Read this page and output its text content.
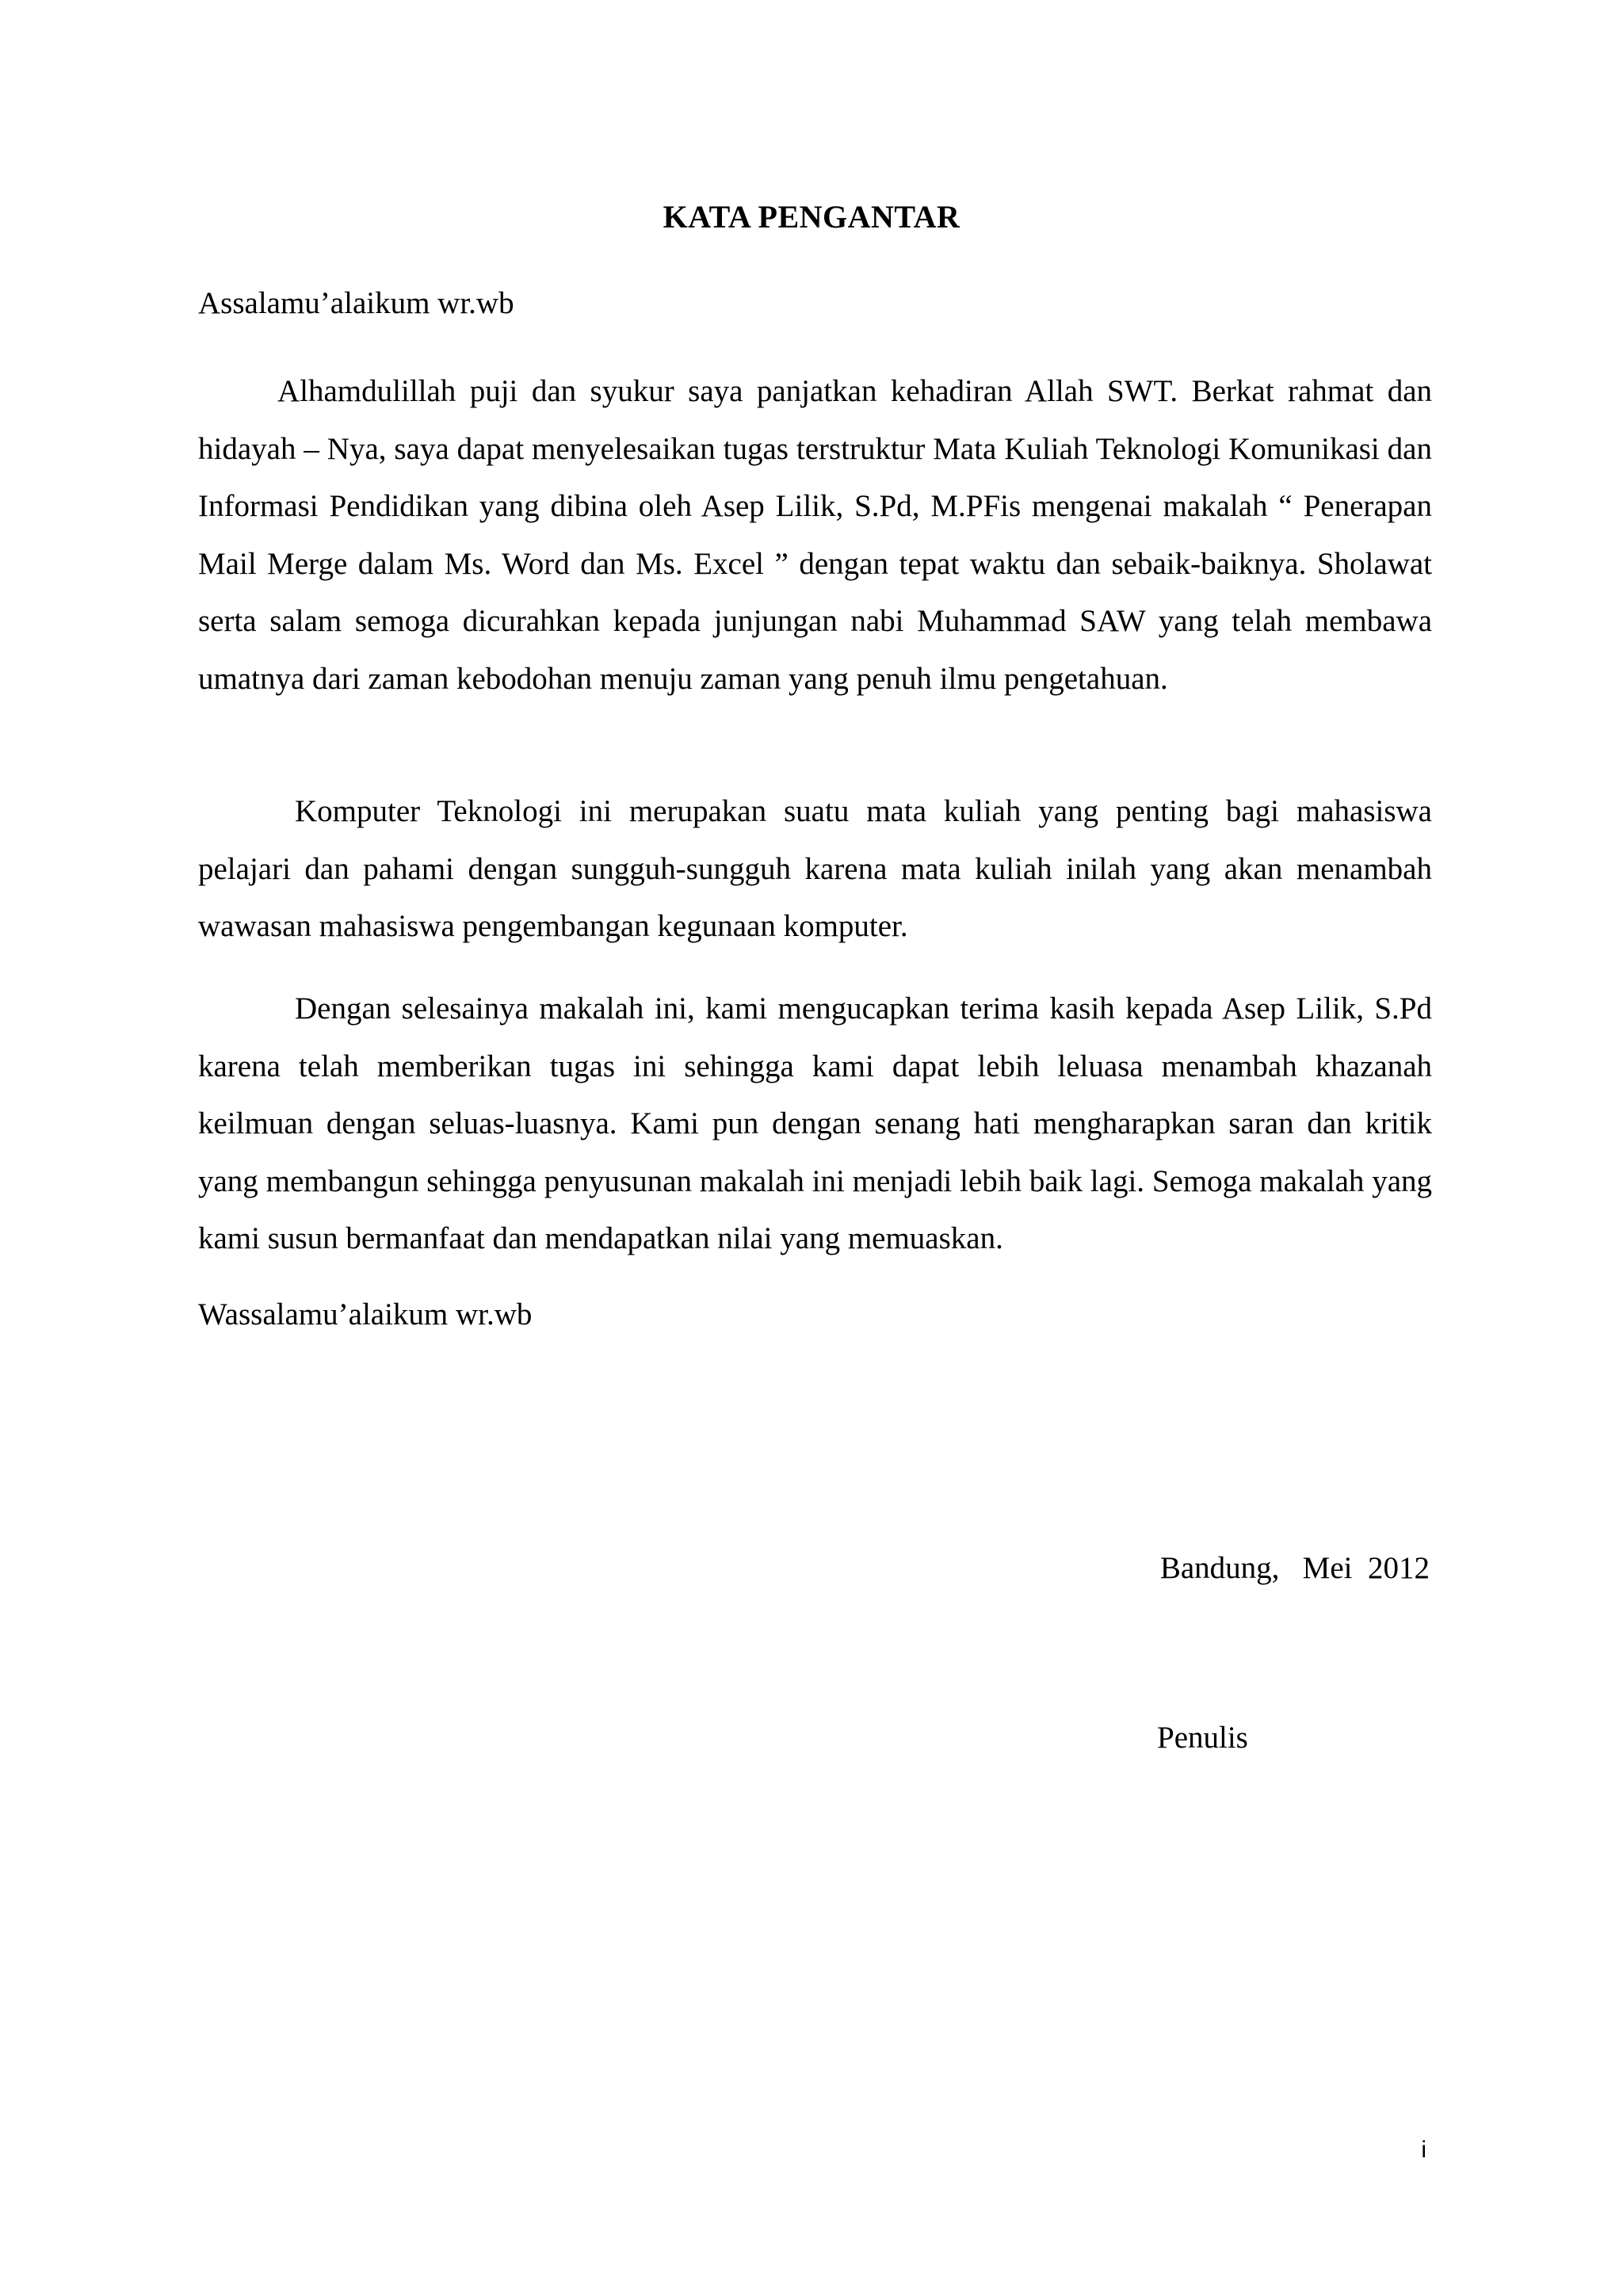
KATA PENGANTAR
Assalamu’alaikum wr.wb

Alhamdulillah puji dan syukur saya panjatkan kehadiran Allah SWT. Berkat rahmat dan hidayah – Nya, saya dapat menyelesaikan tugas terstruktur Mata Kuliah Teknologi Komunikasi dan Informasi Pendidikan yang dibina oleh Asep Lilik, S.Pd, M.PFis mengenai makalah “ Penerapan Mail Merge dalam Ms. Word dan Ms. Excel ” dengan tepat waktu dan sebaik-baiknya. Sholawat serta salam semoga dicurahkan kepada junjungan nabi Muhammad SAW yang telah membawa umatnya dari zaman kebodohan menuju zaman yang penuh ilmu pengetahuan.

Komputer Teknologi ini merupakan suatu mata kuliah yang penting bagi mahasiswa pelajari dan pahami dengan sungguh-sungguh karena mata kuliah inilah yang akan menambah wawasan mahasiswa pengembangan kegunaan komputer.

Dengan selesainya makalah ini, kami mengucapkan terima kasih kepada Asep Lilik, S.Pd karena telah memberikan tugas ini sehingga kami dapat lebih leluasa menambah khazanah keilmuan dengan seluas-luasnya. Kami pun dengan senang hati mengharapkan saran dan kritik yang membangun sehingga penyusunan makalah ini menjadi lebih baik lagi. Semoga makalah yang kami susun bermanfaat dan mendapatkan nilai yang memuaskan.

Wassalamu’alaikum wr.wb
Bandung,   Mei  2012
Penulis
i
